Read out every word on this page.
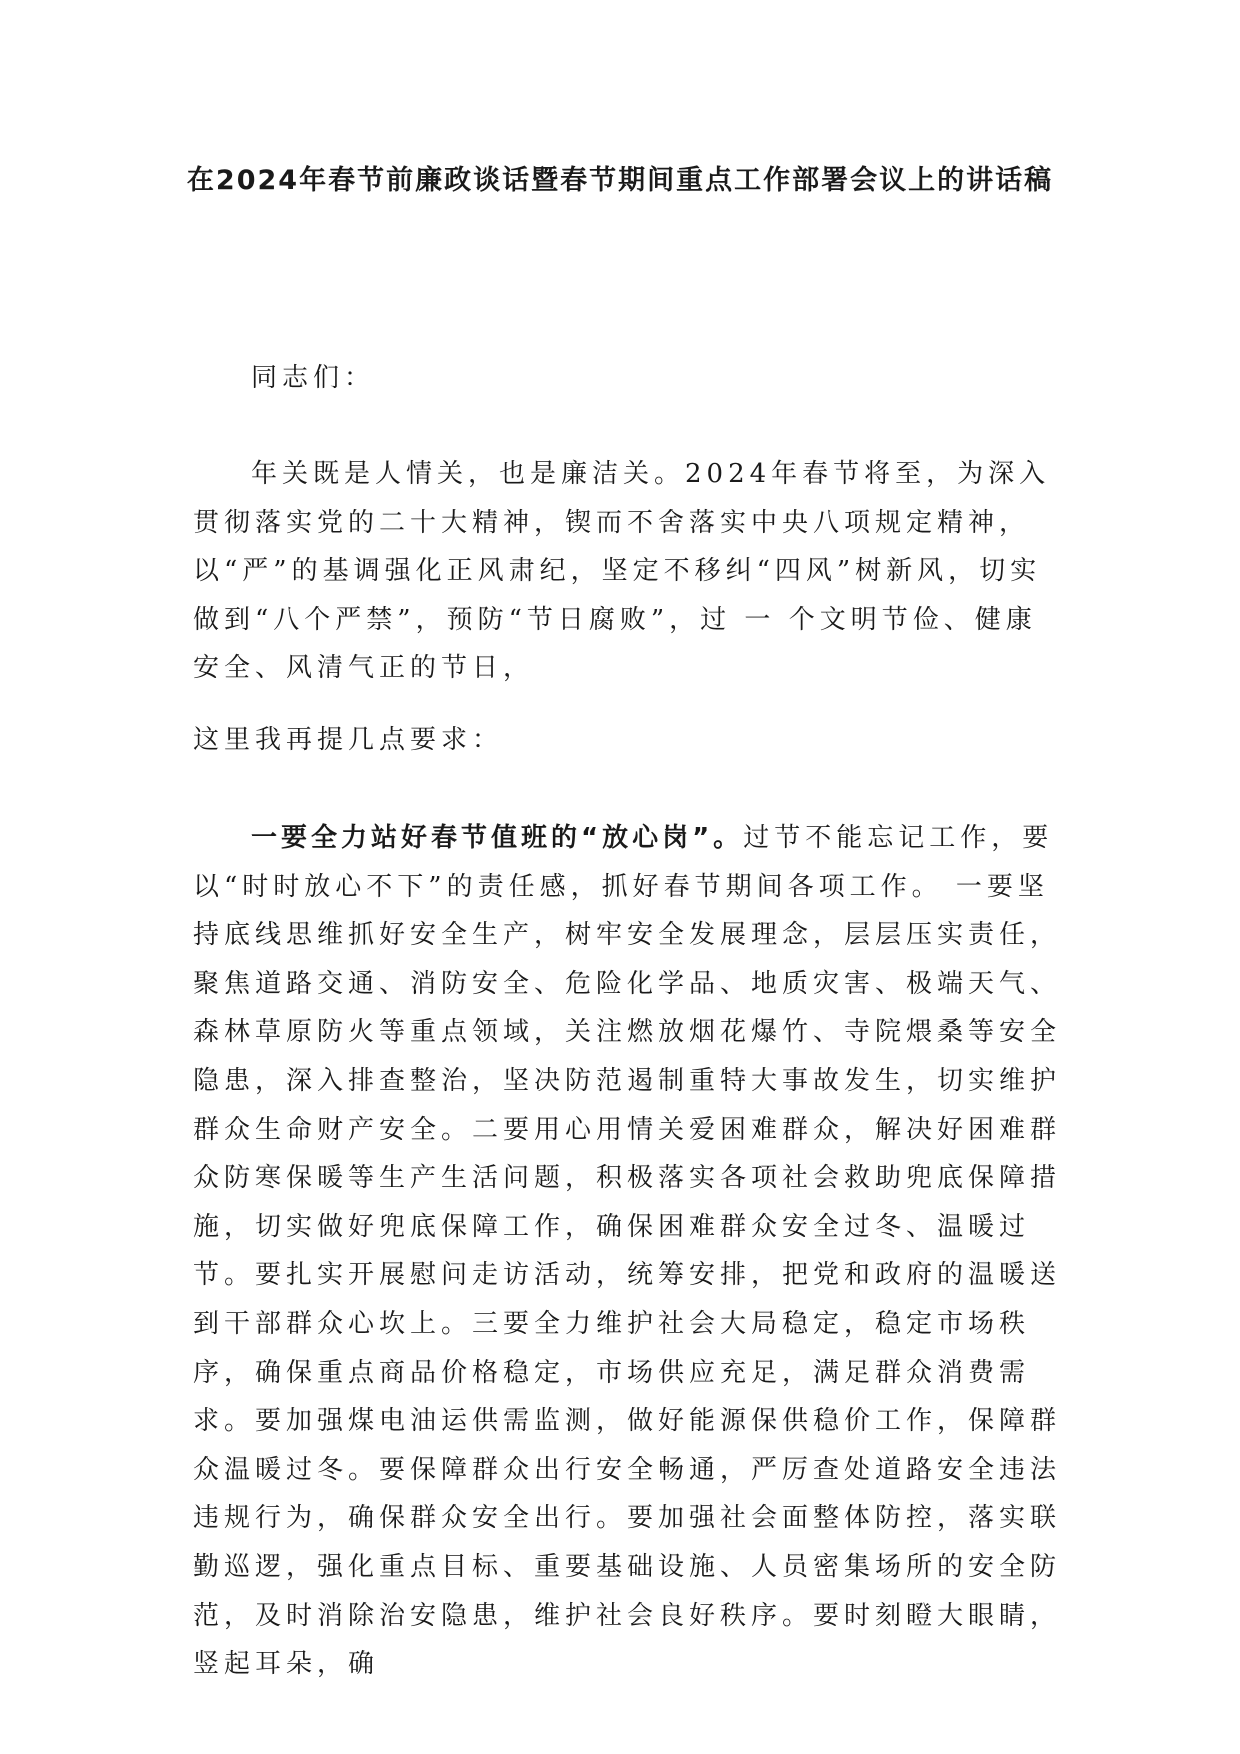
在2024年春节前廉政谈话暨春节期间重点工作部署会议上的讲话稿

同志们：

年关既是人情关，也是廉洁关。2024年春节将至，为深入贯彻落实党的二十大精神，锲而不舍落实中央八项规定精神，以“严”的基调强化正风肃纪，坚定不移纠“四风”树新风，切实做到“八个严禁”，预防“节日腐败”，过 一 个文明节俭、健康安全、风清气正的节日，

这里我再提几点要求：

一要全力站好春节值班的“放心岗”。过节不能忘记工作，要以“时时放心不下”的责任感，抓好春节期间各项工作。 一要坚持底线思维抓好安全生产，树牢安全发展理念，层层压实责任，聚焦道路交通、消防安全、危险化学品、地质灾害、极端天气、森林草原防火等重点领域，关注燃放烟花爆竹、寺院煨桑等安全隐患，深入排查整治，坚决防范遏制重特大事故发生，切实维护群众生命财产安全。二要用心用情关爱困难群众，解决好困难群众防寒保暖等生产生活问题，积极落实各项社会救助兜底保障措施，切实做好兜底保障工作，确保困难群众安全过冬、温暖过节。要扎实开展慰问走访活动，统筹安排，把党和政府的温暖送到干部群众心坎上。三要全力维护社会大局稳定，稳定市场秩序，确保重点商品价格稳定，市场供应充足，满足群众消费需求。要加强煤电油运供需监测，做好能源保供稳价工作，保障群众温暖过冬。要保障群众出行安全畅通，严厉查处道路安全违法违规行为，确保群众安全出行。要加强社会面整体防控，落实联勤巡逻，强化重点目标、重要基础设施、人员密集场所的安全防范，及时消除治安隐患，维护社会良好秩序。要时刻瞪大眼睛，竖起耳朵，确
